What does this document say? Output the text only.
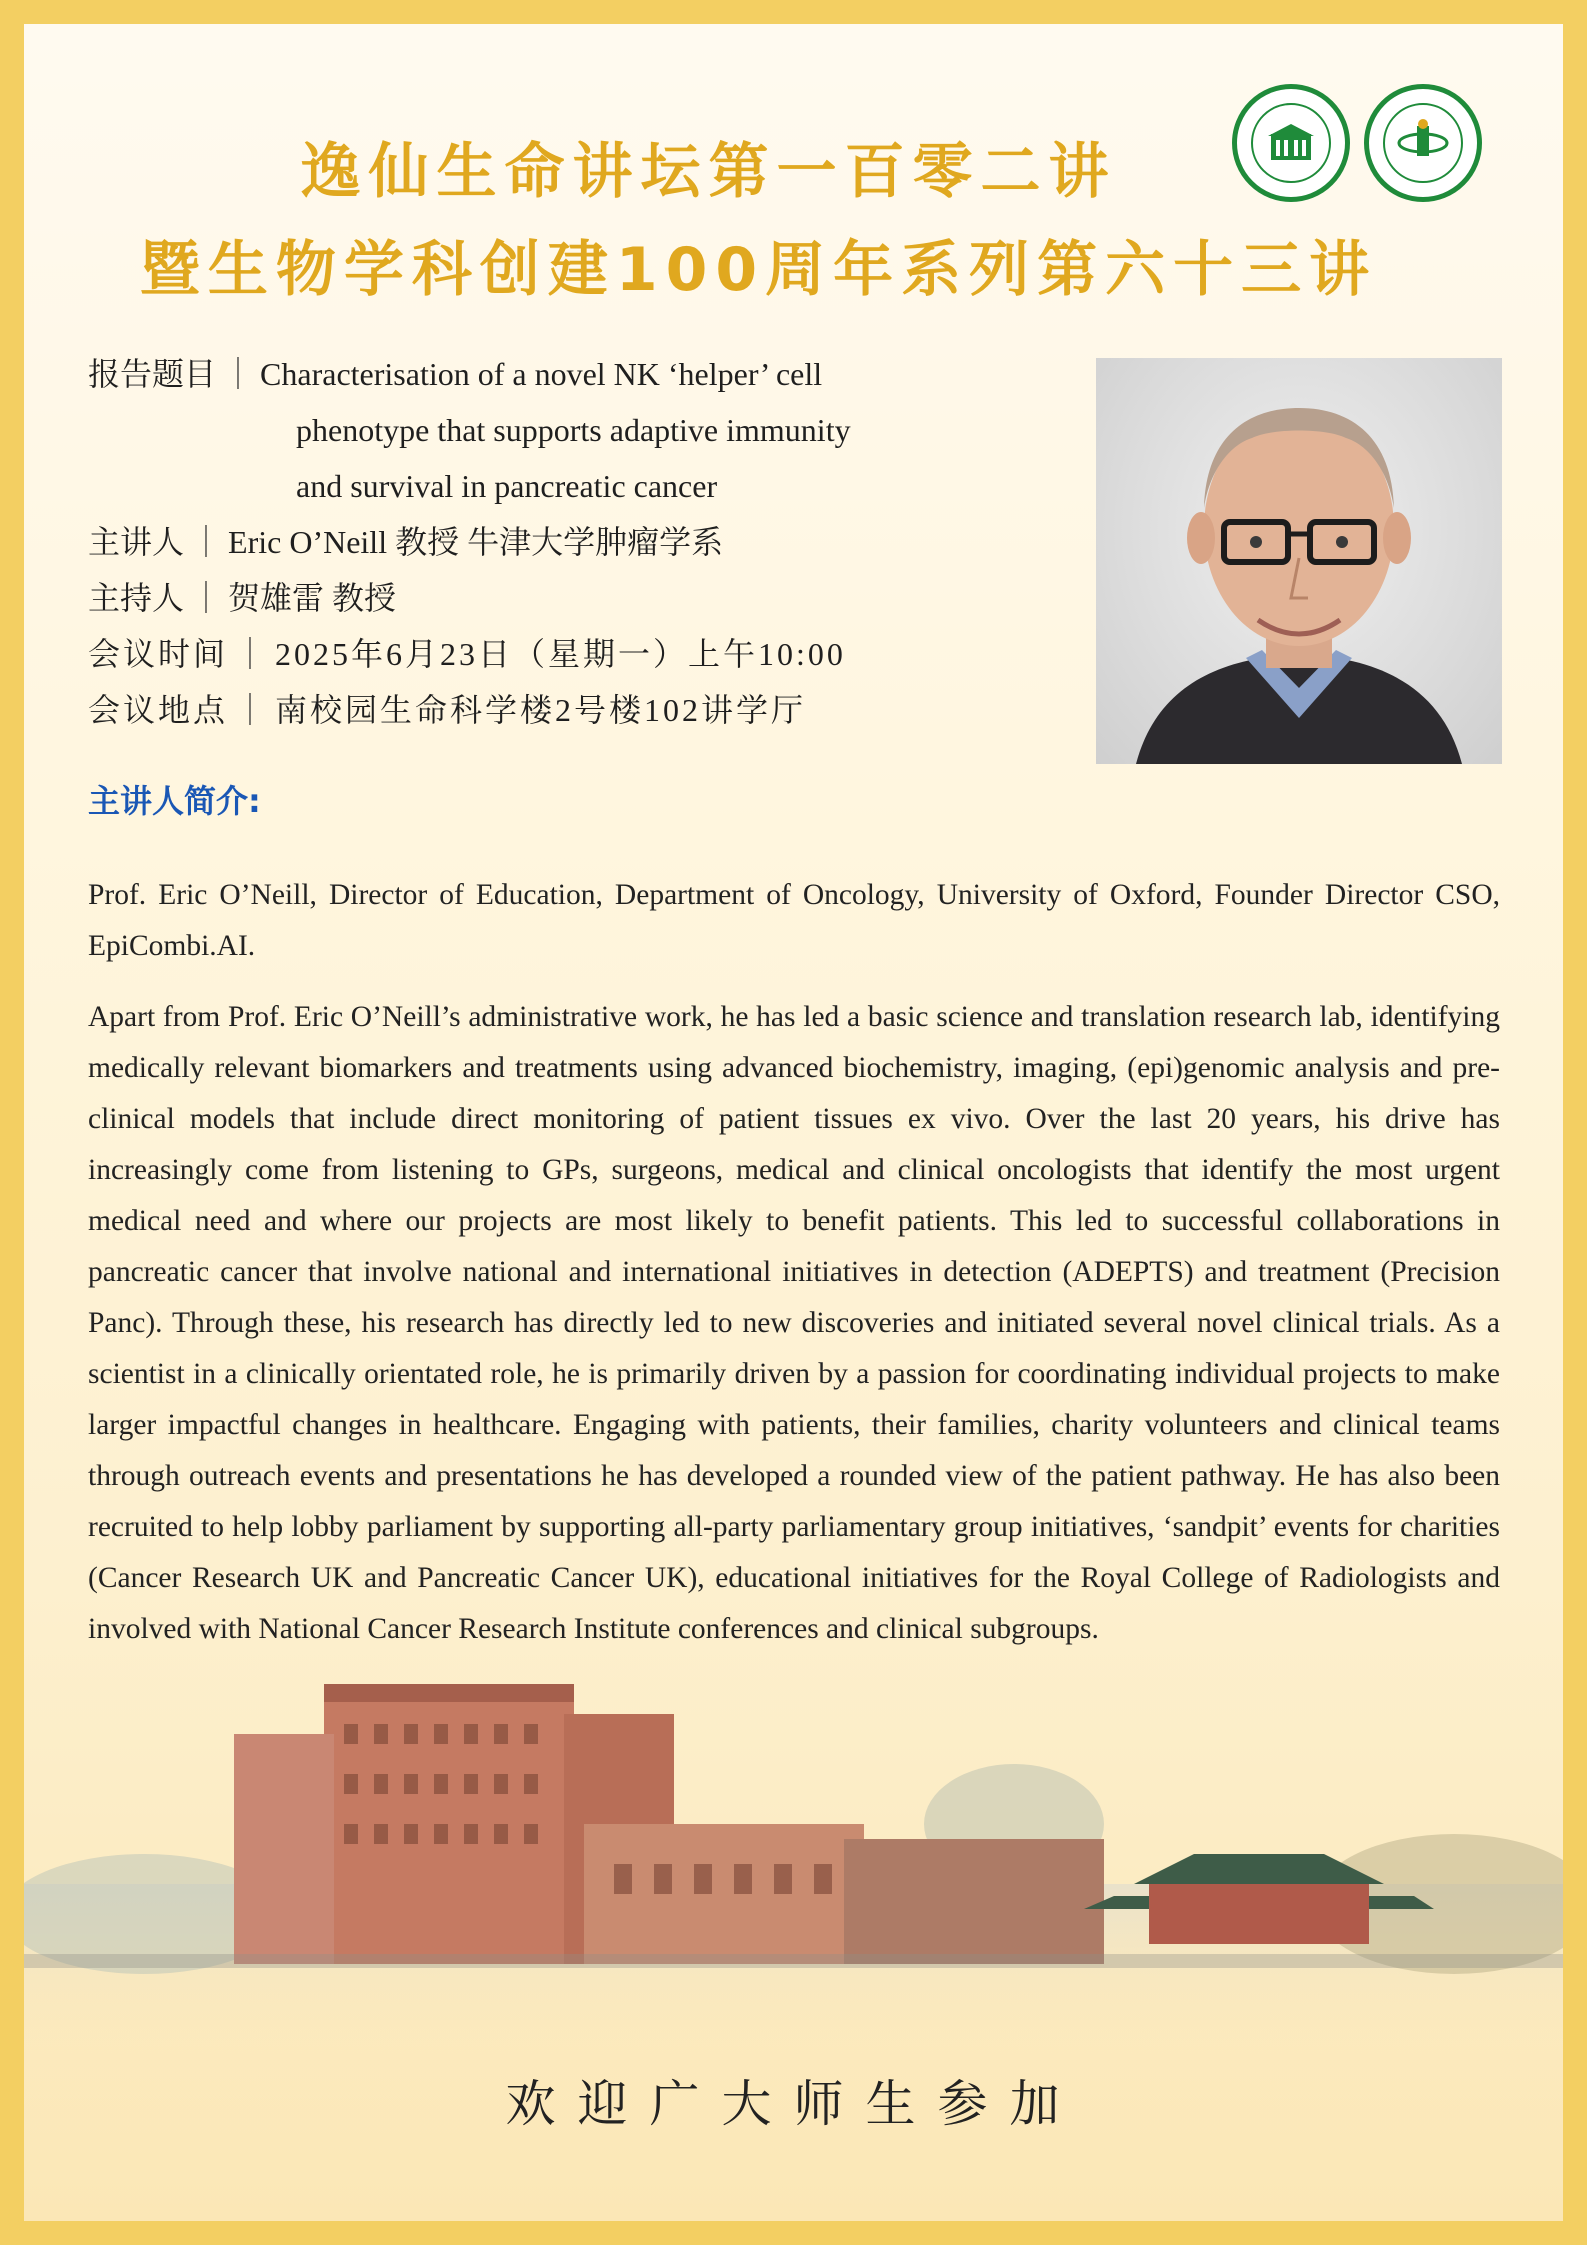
逸仙生命讲坛第一百零二讲
暨生物学科创建100周年系列第六十三讲
报告题目 ｜ Characterisation of a novel NK ‘helper’ cell
phenotype that supports adaptive immunity
and survival in pancreatic cancer
主讲人 ｜ Eric O’Neill 教授 牛津大学肿瘤学系
主持人 ｜ 贺雄雷 教授
会议时间 ｜ 2025年6月23日（星期一）上午10:00
会议地点 ｜ 南校园生命科学楼2号楼102讲学厅
主讲人简介:
Prof. Eric O’Neill, Director of Education, Department of Oncology, University of Oxford, Founder Director CSO, EpiCombi.AI.
Apart from Prof. Eric O’Neill’s administrative work, he has led a basic science and translation research lab, identifying medically relevant biomarkers and treatments using advanced biochemistry, imaging, (epi)genomic analysis and pre-clinical models that include direct monitoring of patient tissues ex vivo. Over the last 20 years, his drive has increasingly come from listening to GPs, surgeons, medical and clinical oncologists that identify the most urgent medical need and where our projects are most likely to benefit patients. This led to successful collaborations in pancreatic cancer that involve national and international initiatives in detection (ADEPTS) and treatment (Precision Panc). Through these, his research has directly led to new discoveries and initiated several novel clinical trials. As a scientist in a clinically orientated role, he is primarily driven by a passion for coordinating individual projects to make larger impactful changes in healthcare. Engaging with patients, their families, charity volunteers and clinical teams through outreach events and presentations he has developed a rounded view of the patient pathway. He has also been recruited to help lobby parliament by supporting all-party parliamentary group initiatives, ‘sandpit’ events for charities (Cancer Research UK and Pancreatic Cancer UK), educational initiatives for the Royal College of Radiologists and involved with National Cancer Research Institute conferences and clinical subgroups.
欢迎广大师生参加
